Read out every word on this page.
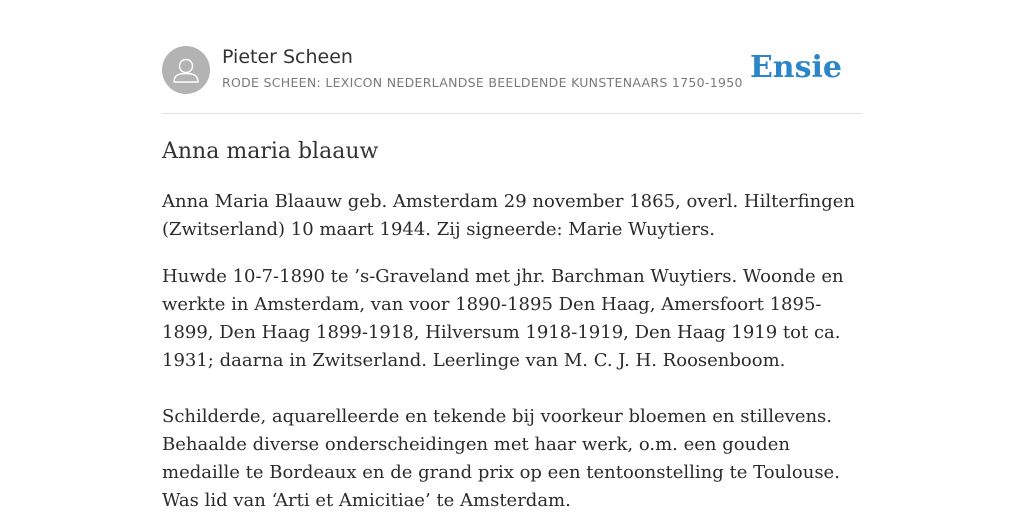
Pieter Scheen
RODE SCHEEN: LEXICON NEDERLANDSE BEELDENDE KUNSTENAARS 1750-1950 Ensie
Anna maria blaauw

Anna Maria Blaauw geb. Amsterdam 29 november 1865, overl. Hilterfingen (Zwitserland) 10 maart 1944. Zij signeerde: Marie Wuytiers.

Huwde 10-7-1890 te ’s-Graveland met jhr. Barchman Wuytiers. Woonde en werkte in Amsterdam, van voor 1890-1895 Den Haag, Amersfoort 1895-1899, Den Haag 1899-1918, Hilversum 1918-1919, Den Haag 1919 tot ca. 1931; daarna in Zwitserland. Leerlinge van M. C. J. H. Roosenboom.

Schilderde, aquarelleerde en tekende bij voorkeur bloemen en stillevens. Behaalde diverse onderscheidingen met haar werk, o.m. een gouden medaille te Bordeaux en de grand prix op een tentoonstelling te Toulouse. Was lid van ‘Arti et Amicitiae’ te Amsterdam.
